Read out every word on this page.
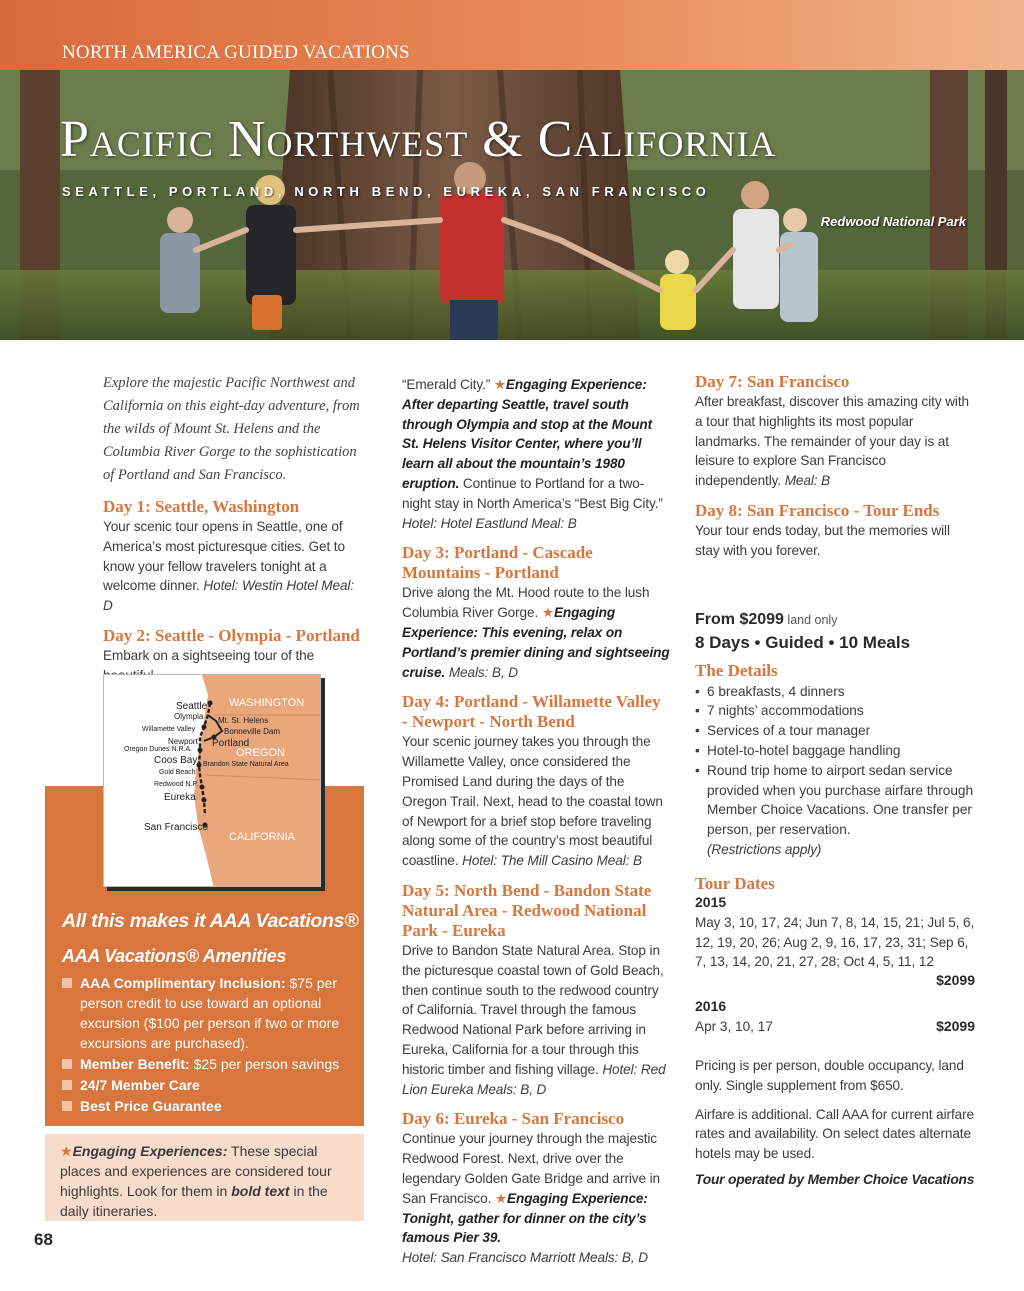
NORTH AMERICA GUIDED VACATIONS
Pacific Northwest & California
SEATTLE, PORTLAND, NORTH BEND, EUREKA, SAN FRANCISCO
Redwood National Park

Explore the majestic Pacific Northwest and California on this eight-day adventure, from the wilds of Mount St. Helens and the Columbia River Gorge to the sophistication of Portland and San Francisco.

Day 1: Seattle, Washington

Your scenic tour opens in Seattle, one of America’s most picturesque cities. Get to know your fellow travelers tonight at a welcome dinner. Hotel: Westin Hotel Meal: D

Day 2: Seattle - Olympia - Portland

Embark on a sightseeing tour of the

WASHINGTON
OREGON
CALIFORNIA
Seattle
Olympia Mt. St. Helens
Willamette Valley	Bonneville Dam
Newport Portland
Oregon Dunes N.R.A.
Coos Bay Brandon State Natural Area
Gold Beach
Redwood N.P.
Eureka
San Francisco
All this makes it AAA Vacations®
AAA Vacations® Amenities
AAA Complimentary Inclusion: $75 per person credit to use toward an optional excursion ($100 per person if two or more excursions are purchased).
Member Benefit: $25 per person savings
24/7 Member Care
Best Price Guarantee

★Engaging Experiences: These special places and experiences are considered tour highlights. Look for them in bold text in the daily itineraries.

68

“Emerald City.” ★Engaging Experience: After departing Seattle, travel south through Olympia and stop at the Mount St. Helens Visitor Center, where you’ll learn all about the mountain’s 1980 eruption. Continue to Portland for a two-night stay in North America’s “Best Big City.” Hotel: Hotel Eastlund Meal: B

Day 3: Portland - Cascade Mountains - Portland

Drive along the Mt. Hood route to the lush Columbia River Gorge. ★Engaging Experience: This evening, relax on Portland’s premier dining and sightseeing cruise. Meals: B, D

Day 4: Portland - Willamette Valley - Newport - North Bend

Your scenic journey takes you through the Willamette Valley, once considered the Promised Land during the days of the Oregon Trail. Next, head to the coastal town of Newport for a brief stop before traveling along some of the country’s most beautiful coastline. Hotel: The Mill Casino Meal: B

Day 5: North Bend - Bandon State Natural Area - Redwood National Park - Eureka

Drive to Bandon State Natural Area. Stop in the picturesque coastal town of Gold Beach, then continue south to the redwood country of California. Travel through the famous Redwood National Park before arriving in Eureka, California for a tour through this historic timber and fishing village. Hotel: Red Lion Eureka Meals: B, D

Day 6: Eureka - San Francisco

Continue your journey through the majestic Redwood Forest. Next, drive over the legendary Golden Gate Bridge and arrive in San Francisco. ★Engaging Experience: Tonight, gather for dinner on the city’s famous Pier 39.
Hotel: San Francisco Marriott Meals: B, D

Day 7: San Francisco

After breakfast, discover this amazing city with a tour that highlights its most popular landmarks. The remainder of your day is at leisure to explore San Francisco independently. Meal: B

Day 8: San Francisco - Tour Ends

Your tour ends today, but the memories will stay with you forever.

From $2099 land only
8 Days • Guided • 10 Meals
The Details
• 6 breakfasts, 4 dinners
• 7 nights’ accommodations
• Services of a tour manager
• Hotel-to-hotel baggage handling
• Round trip home to airport sedan service provided when you purchase airfare through Member Choice Vacations. One transfer per person, per reservation.

(Restrictions apply)

Tour Dates
2015

May 3, 10, 17, 24; Jun 7, 8, 14, 15, 21; Jul 5, 6, 12, 19, 20, 26; Aug 2, 9, 16, 17, 23, 31; Sep 6, 7, 13, 14, 20, 21, 27, 28; Oct 4, 5, 11, 12

$2099
2016
Apr 3, 10, 17	$2099

Pricing is per person, double occupancy, land only. Single supplement from $650.

Airfare is additional. Call AAA for current airfare rates and availability. On select dates alternate hotels may be used.

Tour operated by Member Choice Vacations
